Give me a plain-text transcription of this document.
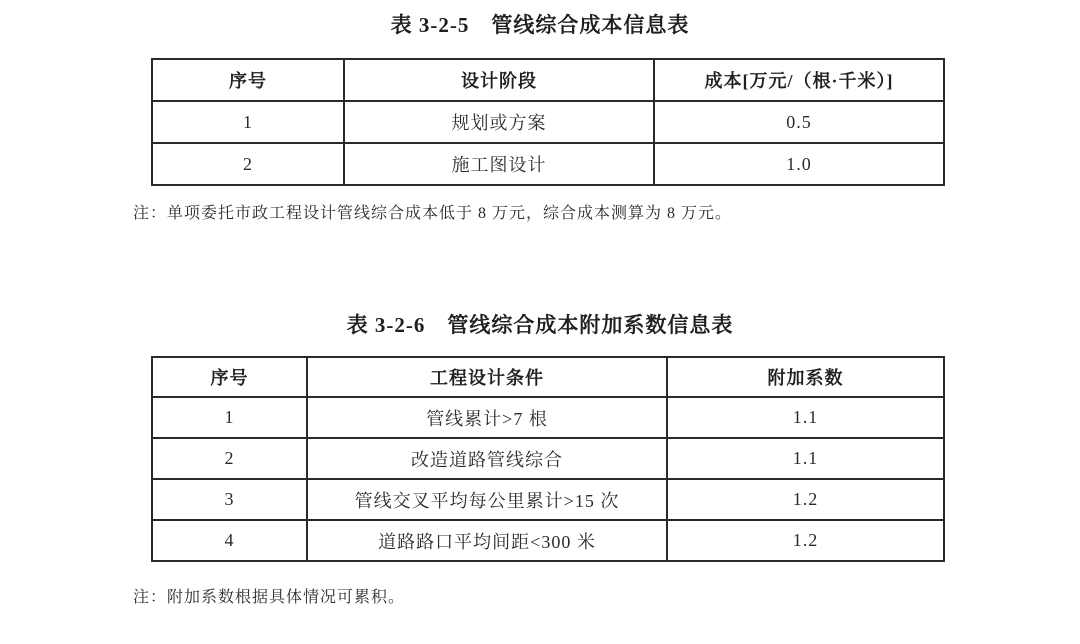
表 3-2-5　管线综合成本信息表
序号	设计阶段	成本[万元/（根·千米）]
1	规划或方案	0.5
2	施工图设计	1.0

注：单项委托市政工程设计管线综合成本低于 8 万元，综合成本测算为 8 万元。

表 3-2-6　管线综合成本附加系数信息表
序号	工程设计条件	附加系数
1	管线累计>7 根	1.1
2	改造道路管线综合	1.1
3	管线交叉平均每公里累计>15 次	1.2
4	道路路口平均间距<300 米	1.2

注：附加系数根据具体情况可累积。
